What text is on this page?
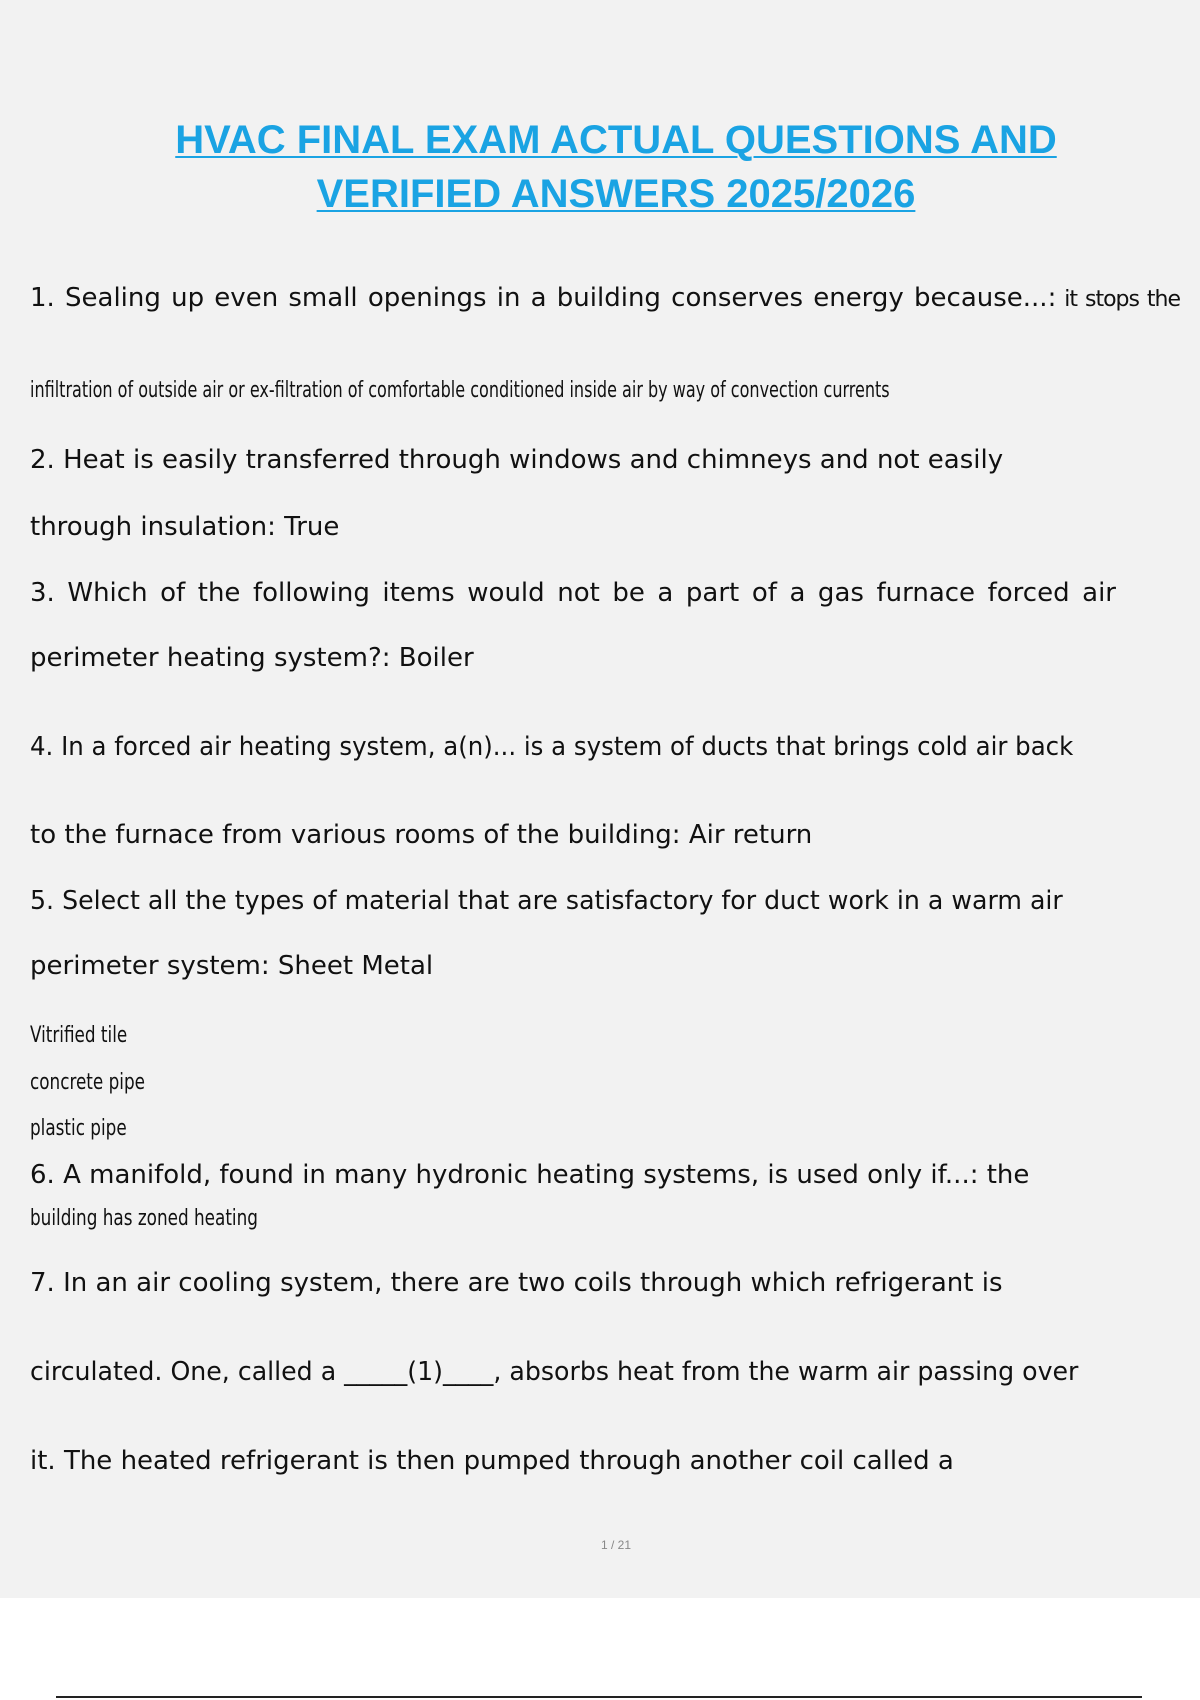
HVAC FINAL EXAM ACTUAL QUESTIONS AND
VERIFIED ANSWERS 2025/2026
1. Sealing up even small openings in a building conserves energy because...: it stops the
infiltration of outside air or ex-filtration of comfortable conditioned inside air by way of convection currents
2. Heat is easily transferred through windows and chimneys and not easily
through insulation: True
3. Which of the following items would not be a part of a gas furnace forced air
perimeter heating system?: Boiler
4. In a forced air heating system, a(n)... is a system of ducts that brings cold air back
to the furnace from various rooms of the building: Air return
5. Select all the types of material that are satisfactory for duct work in a warm air
perimeter system: Sheet Metal
Vitrified tile
concrete pipe
plastic pipe
6. A manifold, found in many hydronic heating systems, is used only if...: the
building has zoned heating
7. In an air cooling system, there are two coils through which refrigerant is
circulated. One, called a _____(1)____, absorbs heat from the warm air passing over
it. The heated refrigerant is then pumped through another coil called a
1 / 21
